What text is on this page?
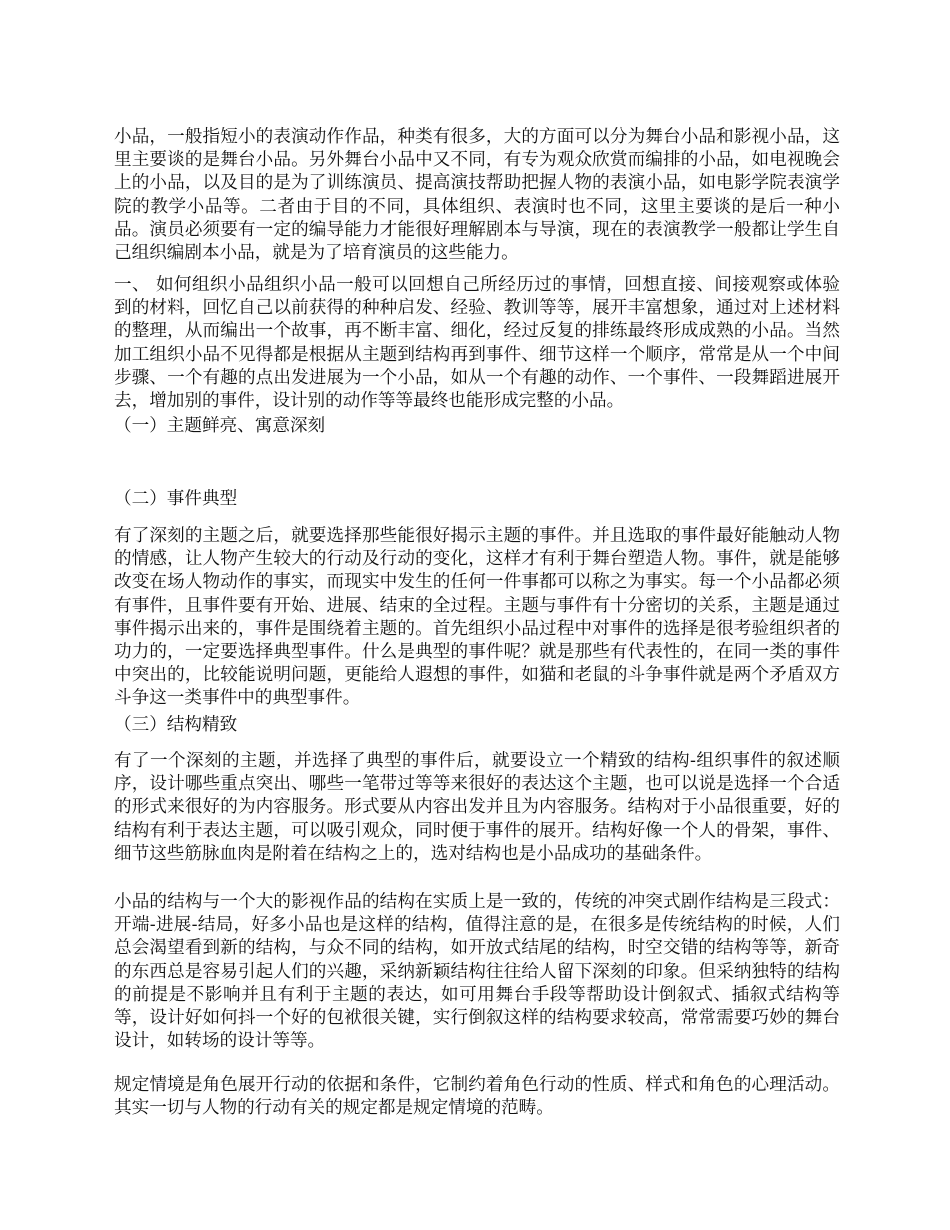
小品，一般指短小的表演动作作品，种类有很多，大的方面可以分为舞台小品和影视小品，这里主要谈的是舞台小品。另外舞台小品中又不同，有专为观众欣赏而编排的小品，如电视晚会上的小品，以及目的是为了训练演员、提高演技帮助把握人物的表演小品，如电影学院表演学院的教学小品等。二者由于目的不同，具体组织、表演时也不同，这里主要谈的是后一种小品。演员必须要有一定的编导能力才能很好理解剧本与导演，现在的表演教学一般都让学生自己组织编剧本小品，就是为了培育演员的这些能力。

一、 如何组织小品组织小品一般可以回想自己所经历过的事情，回想直接、间接观察或体验到的材料，回忆自己以前获得的种种启发、经验、教训等等，展开丰富想象，通过对上述材料的整理，从而编出一个故事，再不断丰富、细化，经过反复的排练最终形成成熟的小品。当然加工组织小品不见得都是根据从主题到结构再到事件、细节这样一个顺序，常常是从一个中间步骤、一个有趣的点出发进展为一个小品，如从一个有趣的动作、一个事件、一段舞蹈进展开去，增加别的事件，设计别的动作等等最终也能形成完整的小品。

（一）主题鲜亮、寓意深刻

（二）事件典型

有了深刻的主题之后，就要选择那些能很好揭示主题的事件。并且选取的事件最好能触动人物的情感，让人物产生较大的行动及行动的变化，这样才有利于舞台塑造人物。事件，就是能够改变在场人物动作的事实，而现实中发生的任何一件事都可以称之为事实。每一个小品都必须有事件，且事件要有开始、进展、结束的全过程。主题与事件有十分密切的关系，主题是通过事件揭示出来的，事件是围绕着主题的。首先组织小品过程中对事件的选择是很考验组织者的功力的，一定要选择典型事件。什么是典型的事件呢？就是那些有代表性的，在同一类的事件中突出的，比较能说明问题，更能给人遐想的事件，如猫和老鼠的斗争事件就是两个矛盾双方斗争这一类事件中的典型事件。

（三）结构精致

有了一个深刻的主题，并选择了典型的事件后，就要设立一个精致的结构-组织事件的叙述顺序，设计哪些重点突出、哪些一笔带过等等来很好的表达这个主题，也可以说是选择一个合适的形式来很好的为内容服务。形式要从内容出发并且为内容服务。结构对于小品很重要，好的结构有利于表达主题，可以吸引观众，同时便于事件的展开。结构好像一个人的骨架，事件、细节这些筋脉血肉是附着在结构之上的，选对结构也是小品成功的基础条件。

小品的结构与一个大的影视作品的结构在实质上是一致的，传统的冲突式剧作结构是三段式：开端-进展-结局，好多小品也是这样的结构，值得注意的是，在很多是传统结构的时候，人们总会渴望看到新的结构，与众不同的结构，如开放式结尾的结构，时空交错的结构等等，新奇的东西总是容易引起人们的兴趣，采纳新颖结构往往给人留下深刻的印象。但采纳独特的结构的前提是不影响并且有利于主题的表达，如可用舞台手段等帮助设计倒叙式、插叙式结构等等，设计好如何抖一个好的包袱很关键，实行倒叙这样的结构要求较高，常常需要巧妙的舞台设计，如转场的设计等等。

规定情境是角色展开行动的依据和条件，它制约着角色行动的性质、样式和角色的心理活动。其实一切与人物的行动有关的规定都是规定情境的范畴。
